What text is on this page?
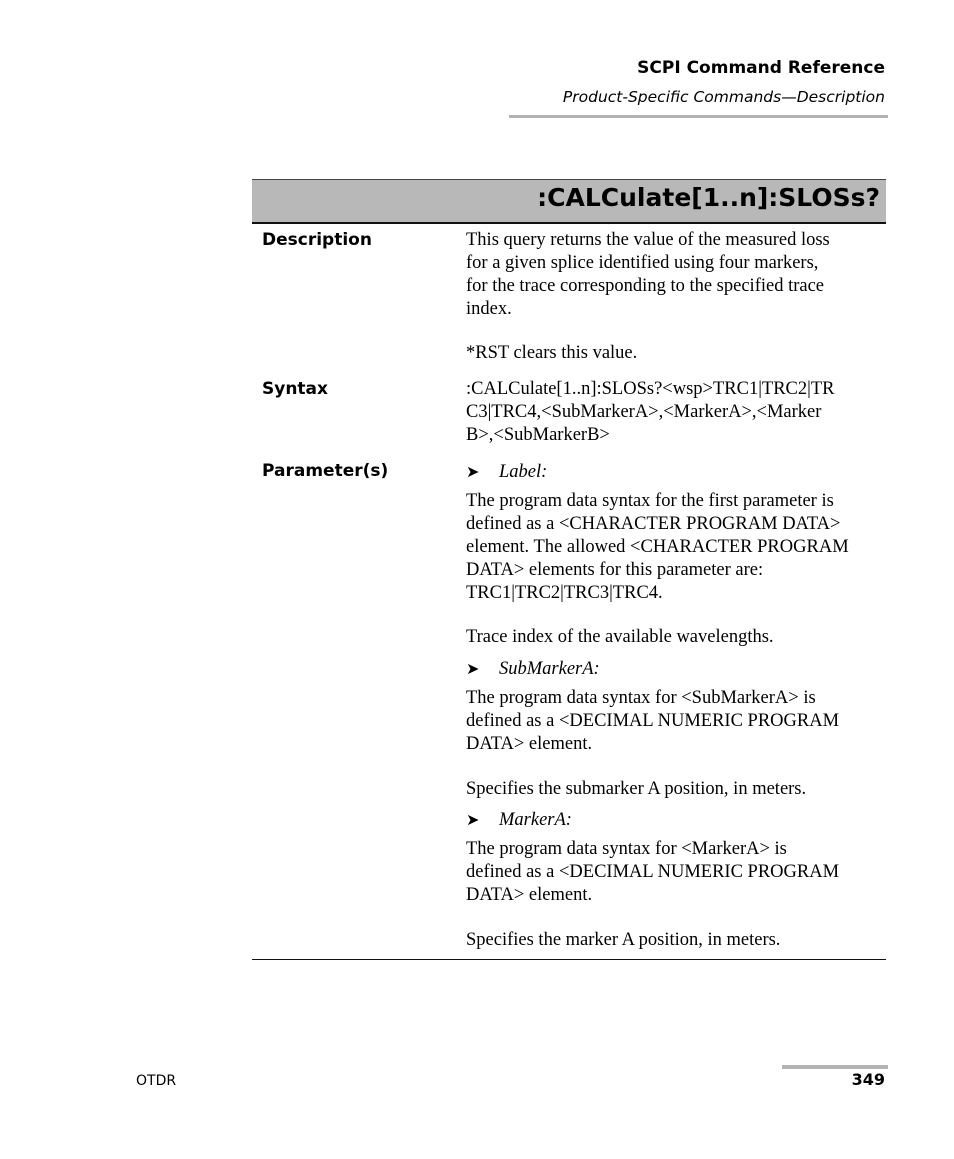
SCPI Command Reference
Product-Specific Commands—Description
:CALCulate[1..n]:SLOSs?
Description	This query returns the value of the measured loss
for a given splice identified using four markers,
for the trace corresponding to the specified trace
index.
*RST clears this value.
Syntax	:CALCulate[1..n]:SLOSs?<wsp>TRC1|TRC2|TR
C3|TRC4,<SubMarkerA>,<MarkerA>,<Marker
B>,<SubMarkerB>
Parameter(s)	➤ Label:
The program data syntax for the first parameter is
defined as a <CHARACTER PROGRAM DATA>
element. The allowed <CHARACTER PROGRAM
DATA> elements for this parameter are:
TRC1|TRC2|TRC3|TRC4.
Trace index of the available wavelengths.
➤ SubMarkerA:
The program data syntax for <SubMarkerA> is
defined as a <DECIMAL NUMERIC PROGRAM
DATA> element.
Specifies the submarker A position, in meters.
➤ MarkerA:
The program data syntax for <MarkerA> is
defined as a <DECIMAL NUMERIC PROGRAM
DATA> element.
Specifies the marker A position, in meters.
OTDR	349
